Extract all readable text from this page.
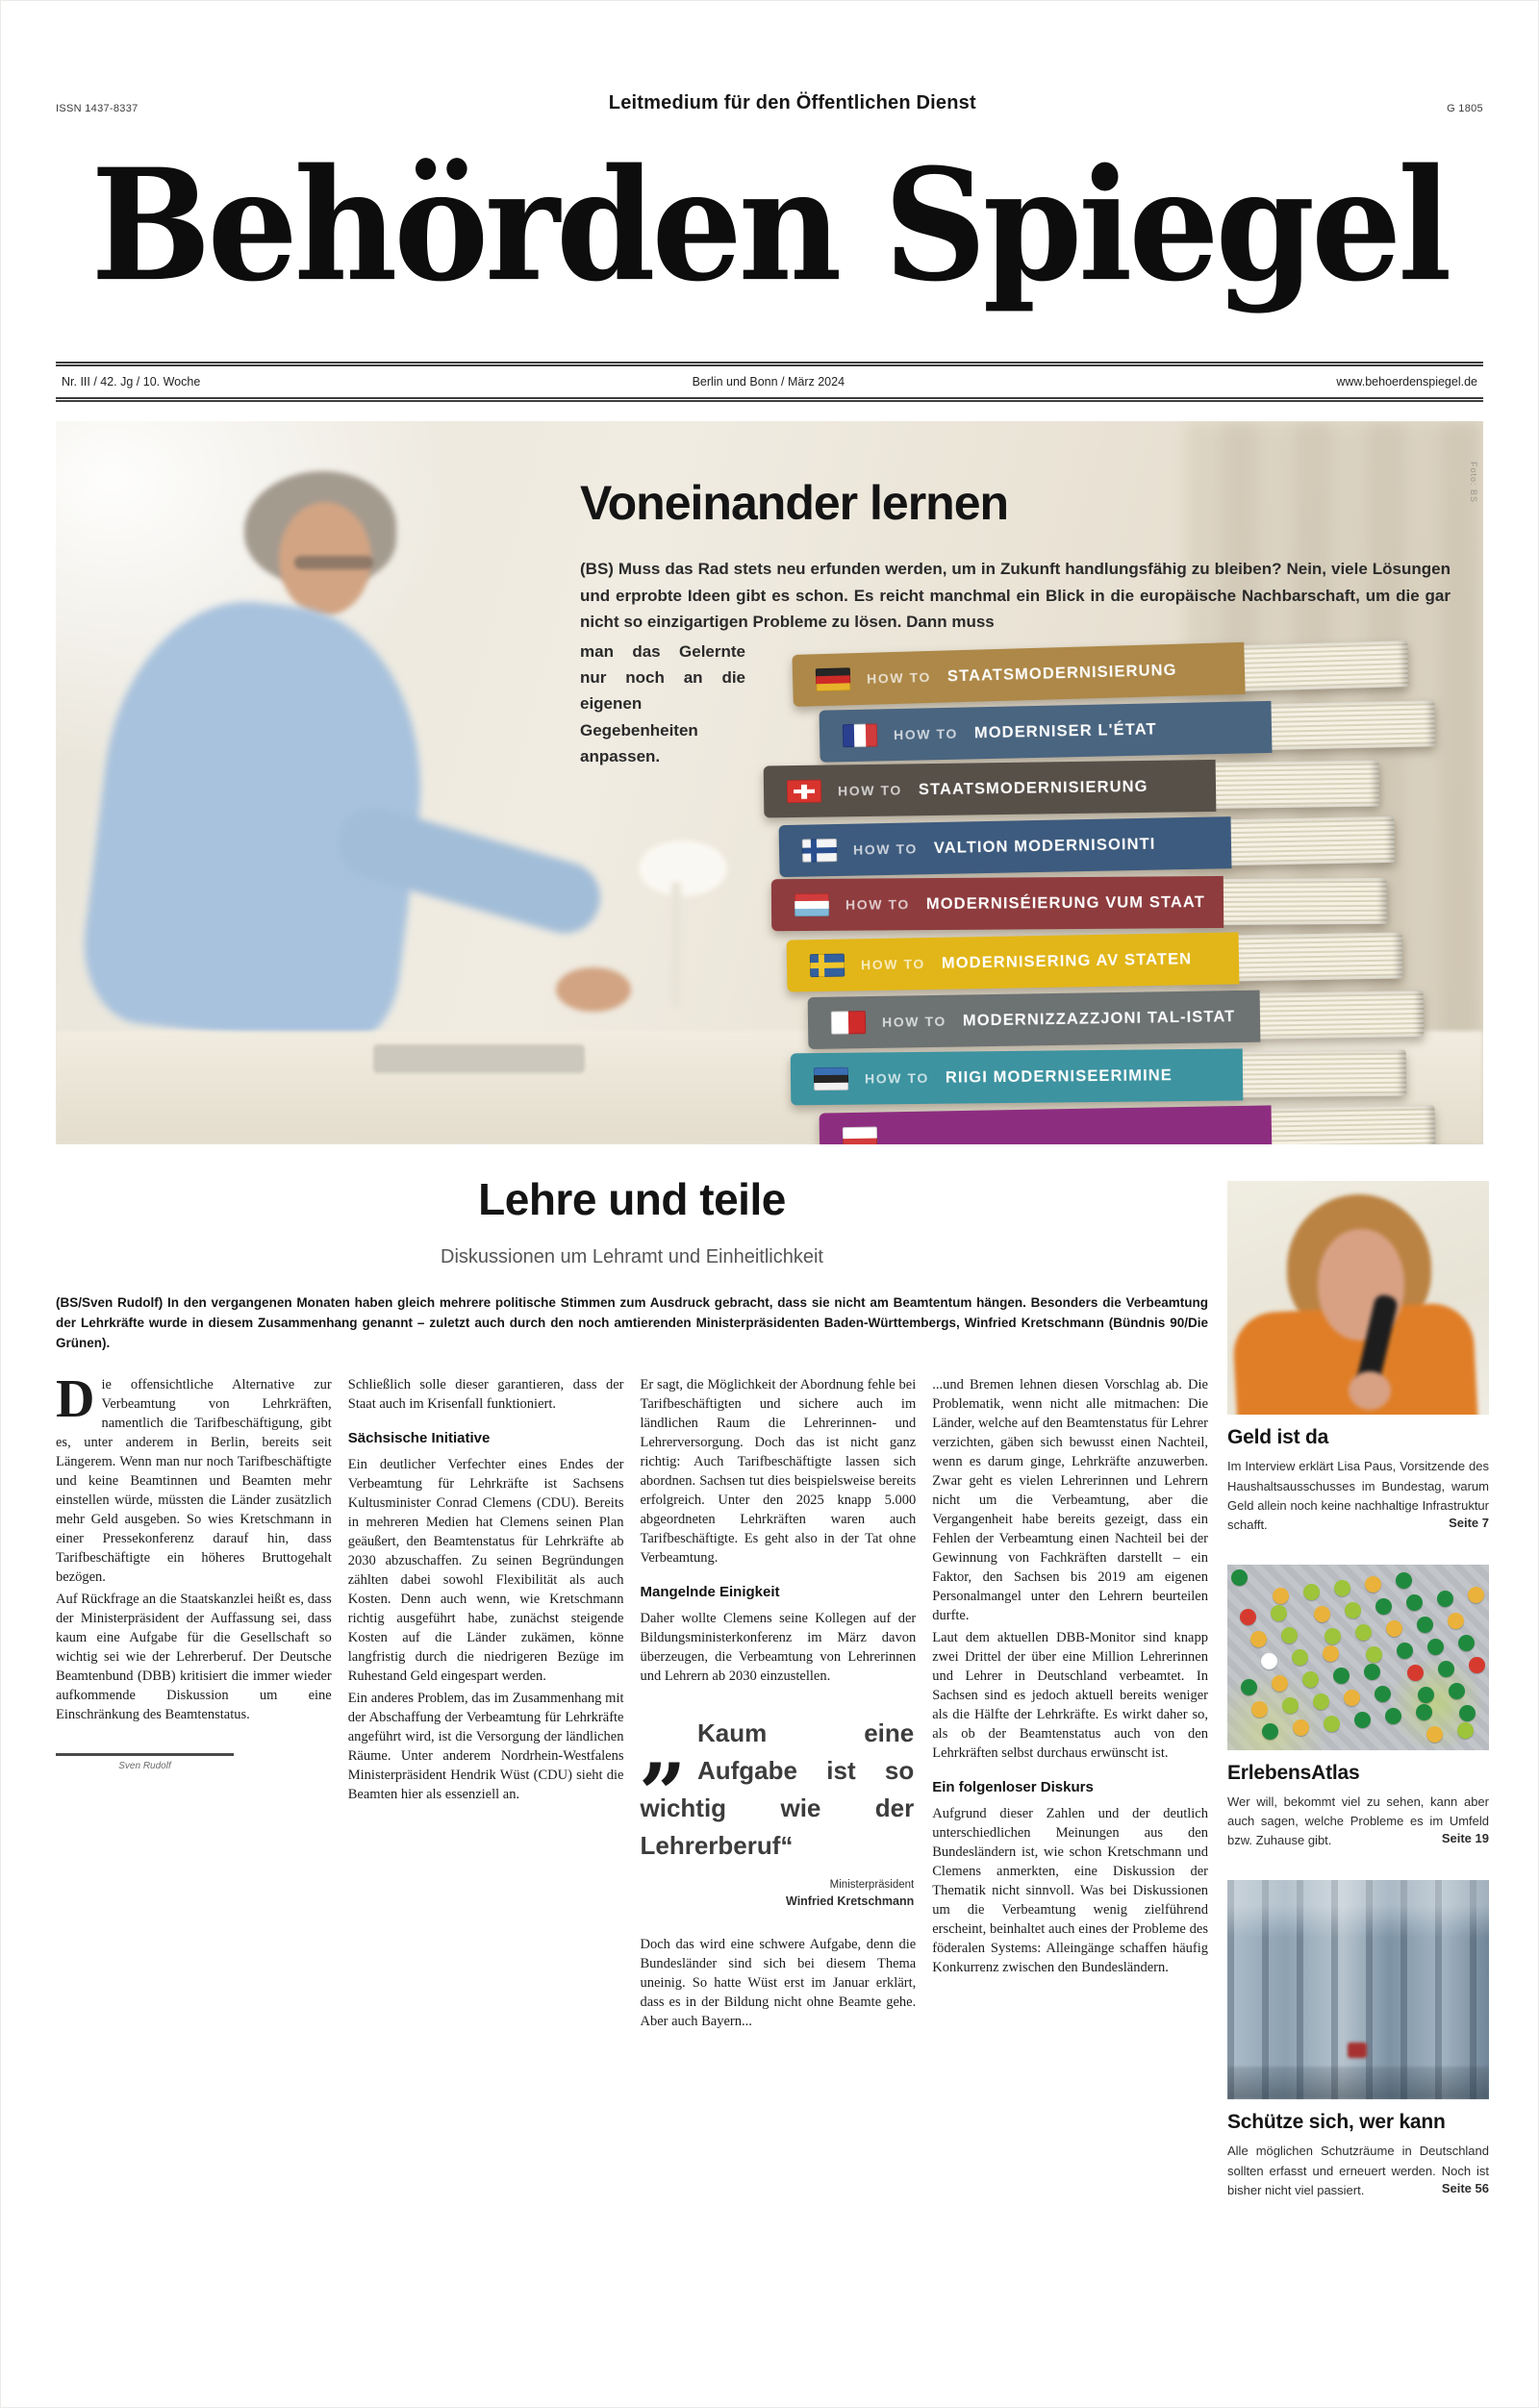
ISSN 1437-8337	Leitmedium für den Öffentlichen Dienst	G 1805
Behörden Spiegel
Nr. III / 42. Jg / 10. Woche	Berlin und Bonn / März 2024	www.behoerdenspiegel.de
Voneinander lernen
(BS) Muss das Rad stets neu erfunden werden, um in Zukunft handlungsfähig zu bleiben? Nein, viele Lösungen und erprobte Ideen gibt es schon. Es reicht manchmal ein Blick in die europäische Nachbarschaft, um die gar nicht so einzigartigen Probleme zu lösen. Dann muss
man das Gelernte nur noch an die eigenen Gegebenheiten anpassen.
HOW TO STAATSMODERNISIERUNG
HOW TO MODERNISER L'ÉTAT
HOW TO STAATSMODERNISIERUNG
HOW TO VALTION MODERNISOINTI
HOW TO MODERNISÉIERUNG VUM STAAT
HOW TO MODERNISERING AV STATEN
HOW TO MODERNIZZAZZJONI TAL-ISTAT
HOW TO RIIGI MODERNISEERIMINE
Foto: BS
Lehre und teile
Diskussionen um Lehramt und Einheitlichkeit
(BS/Sven Rudolf) In den vergangenen Monaten haben gleich mehrere politische Stimmen zum Ausdruck gebracht, dass sie nicht am Beamtentum hängen. Besonders die Verbeamtung der Lehrkräfte wurde in diesem Zusammenhang genannt – zuletzt auch durch den noch amtierenden Ministerpräsidenten Baden-Württembergs, Winfried Kretschmann (Bündnis 90/Die Grünen).

Die offensichtliche Alternative zur Verbeamtung von Lehrkräften, namentlich die Tarifbeschäftigung, gibt es, unter anderem in Berlin, bereits seit Längerem. Wenn man nur noch Tarifbeschäftigte und keine Beamtinnen und Beamten mehr einstellen würde, müssten die Länder zusätzlich mehr Geld ausgeben. So wies Kretschmann in einer Pressekonferenz darauf hin, dass Tarifbeschäftigte ein höheres Bruttogehalt bezögen.

Auf Rückfrage an die Staatskanzlei heißt es, dass der Ministerpräsident der Auffassung sei, dass kaum eine Aufgabe für die Gesellschaft so wichtig sei wie der Lehrerberuf. Der Deutsche Beamtenbund (DBB) kritisiert die immer wieder aufkommende Diskussion um eine Einschränkung des Beamtenstatus.

Sven Rudolf

Schließlich solle dieser garantieren, dass der Staat auch im Krisenfall funktioniert.

Sächsische Initiative

Ein deutlicher Verfechter eines Endes der Verbeamtung für Lehrkräfte ist Sachsens Kultusminister Conrad Clemens (CDU). Bereits in mehreren Medien hat Clemens seinen Plan geäußert, den Beamtenstatus für Lehrkräfte ab 2030 abzuschaffen. Zu seinen Begründungen zählten dabei sowohl Flexibilität als auch Kosten. Denn auch wenn, wie Kretschmann richtig ausgeführt habe, zunächst steigende Kosten auf die Länder zukämen, könne langfristig durch die niedrigeren Bezüge im Ruhestand Geld eingespart werden.

Ein anderes Problem, das im Zusammenhang mit der Abschaffung der Verbeamtung für Lehrkräfte angeführt wird, ist die Versorgung der ländlichen Räume. Unter anderem Nordrhein-Westfalens Ministerpräsident Hendrik Wüst (CDU) sieht die Beamten hier als essenziell an.

Er sagt, die Möglichkeit der Abordnung fehle bei Tarifbeschäftigten und sichere auch im ländlichen Raum die Lehrerinnen- und Lehrerversorgung. Doch das ist nicht ganz richtig: Auch Tarifbeschäftigte lassen sich abordnen. Sachsen tut dies beispielsweise bereits erfolgreich. Unter den 2025 knapp 5.000 abgeordneten Lehrkräften waren auch Tarifbeschäftigte. Es geht also in der Tat ohne Verbeamtung.

Mangelnde Einigkeit

Daher wollte Clemens seine Kollegen auf der Bildungsministerkonferenz im März davon überzeugen, die Verbeamtung von Lehrerinnen und Lehrern ab 2030 einzustellen.

„ Kaum eine Aufgabe ist so wichtig wie der Lehrerberuf“
Ministerpräsident
Winfried Kretschmann

Doch das wird eine schwere Aufgabe, denn die Bundesländer sind sich bei diesem Thema uneinig. So hatte Wüst erst im Januar erklärt, dass es in der Bildung nicht ohne Beamte gehe. Aber auch Bayern...

...und Bremen lehnen diesen Vorschlag ab. Die Problematik, wenn nicht alle mitmachen: Die Länder, welche auf den Beamtenstatus für Lehrer verzichten, gäben sich bewusst einen Nachteil, wenn es darum ginge, Lehrkräfte anzuwerben. Zwar geht es vielen Lehrerinnen und Lehrern nicht um die Verbeamtung, aber die Vergangenheit habe bereits gezeigt, dass ein Fehlen der Verbeamtung einen Nachteil bei der Gewinnung von Fachkräften darstellt – ein Faktor, den Sachsen bis 2019 am eigenen Personalmangel unter den Lehrern beurteilen durfte.

Laut dem aktuellen DBB-Monitor sind knapp zwei Drittel der über eine Million Lehrerinnen und Lehrer in Deutschland verbeamtet. In Sachsen sind es jedoch aktuell bereits weniger als die Hälfte der Lehrkräfte. Es wirkt daher so, als ob der Beamtenstatus auch von den Lehrkräften selbst durchaus erwünscht ist.

Ein folgenloser Diskurs

Aufgrund dieser Zahlen und der deutlich unterschiedlichen Meinungen aus den Bundesländern ist, wie schon Kretschmann und Clemens anmerkten, eine Diskussion der Thematik nicht sinnvoll. Was bei Diskussionen um die Verbeamtung wenig zielführend erscheint, beinhaltet auch eines der Probleme des föderalen Systems: Alleingänge schaffen häufig Konkurrenz zwischen den Bundesländern.

Geld ist da
Im Interview erklärt Lisa Paus, Vorsitzende des Haushaltsausschusses im Bundestag, warum Geld allein noch keine nachhaltige Infrastruktur schafft.	Seite 7
ErlebensAtlas
Wer will, bekommt viel zu sehen, kann aber auch sagen, welche Probleme es im Umfeld bzw. Zuhause gibt.	Seite 19
Schütze sich, wer kann
Alle möglichen Schutzräume in Deutschland sollten erfasst und erneuert werden. Noch ist bisher nicht viel passiert.	Seite 56
